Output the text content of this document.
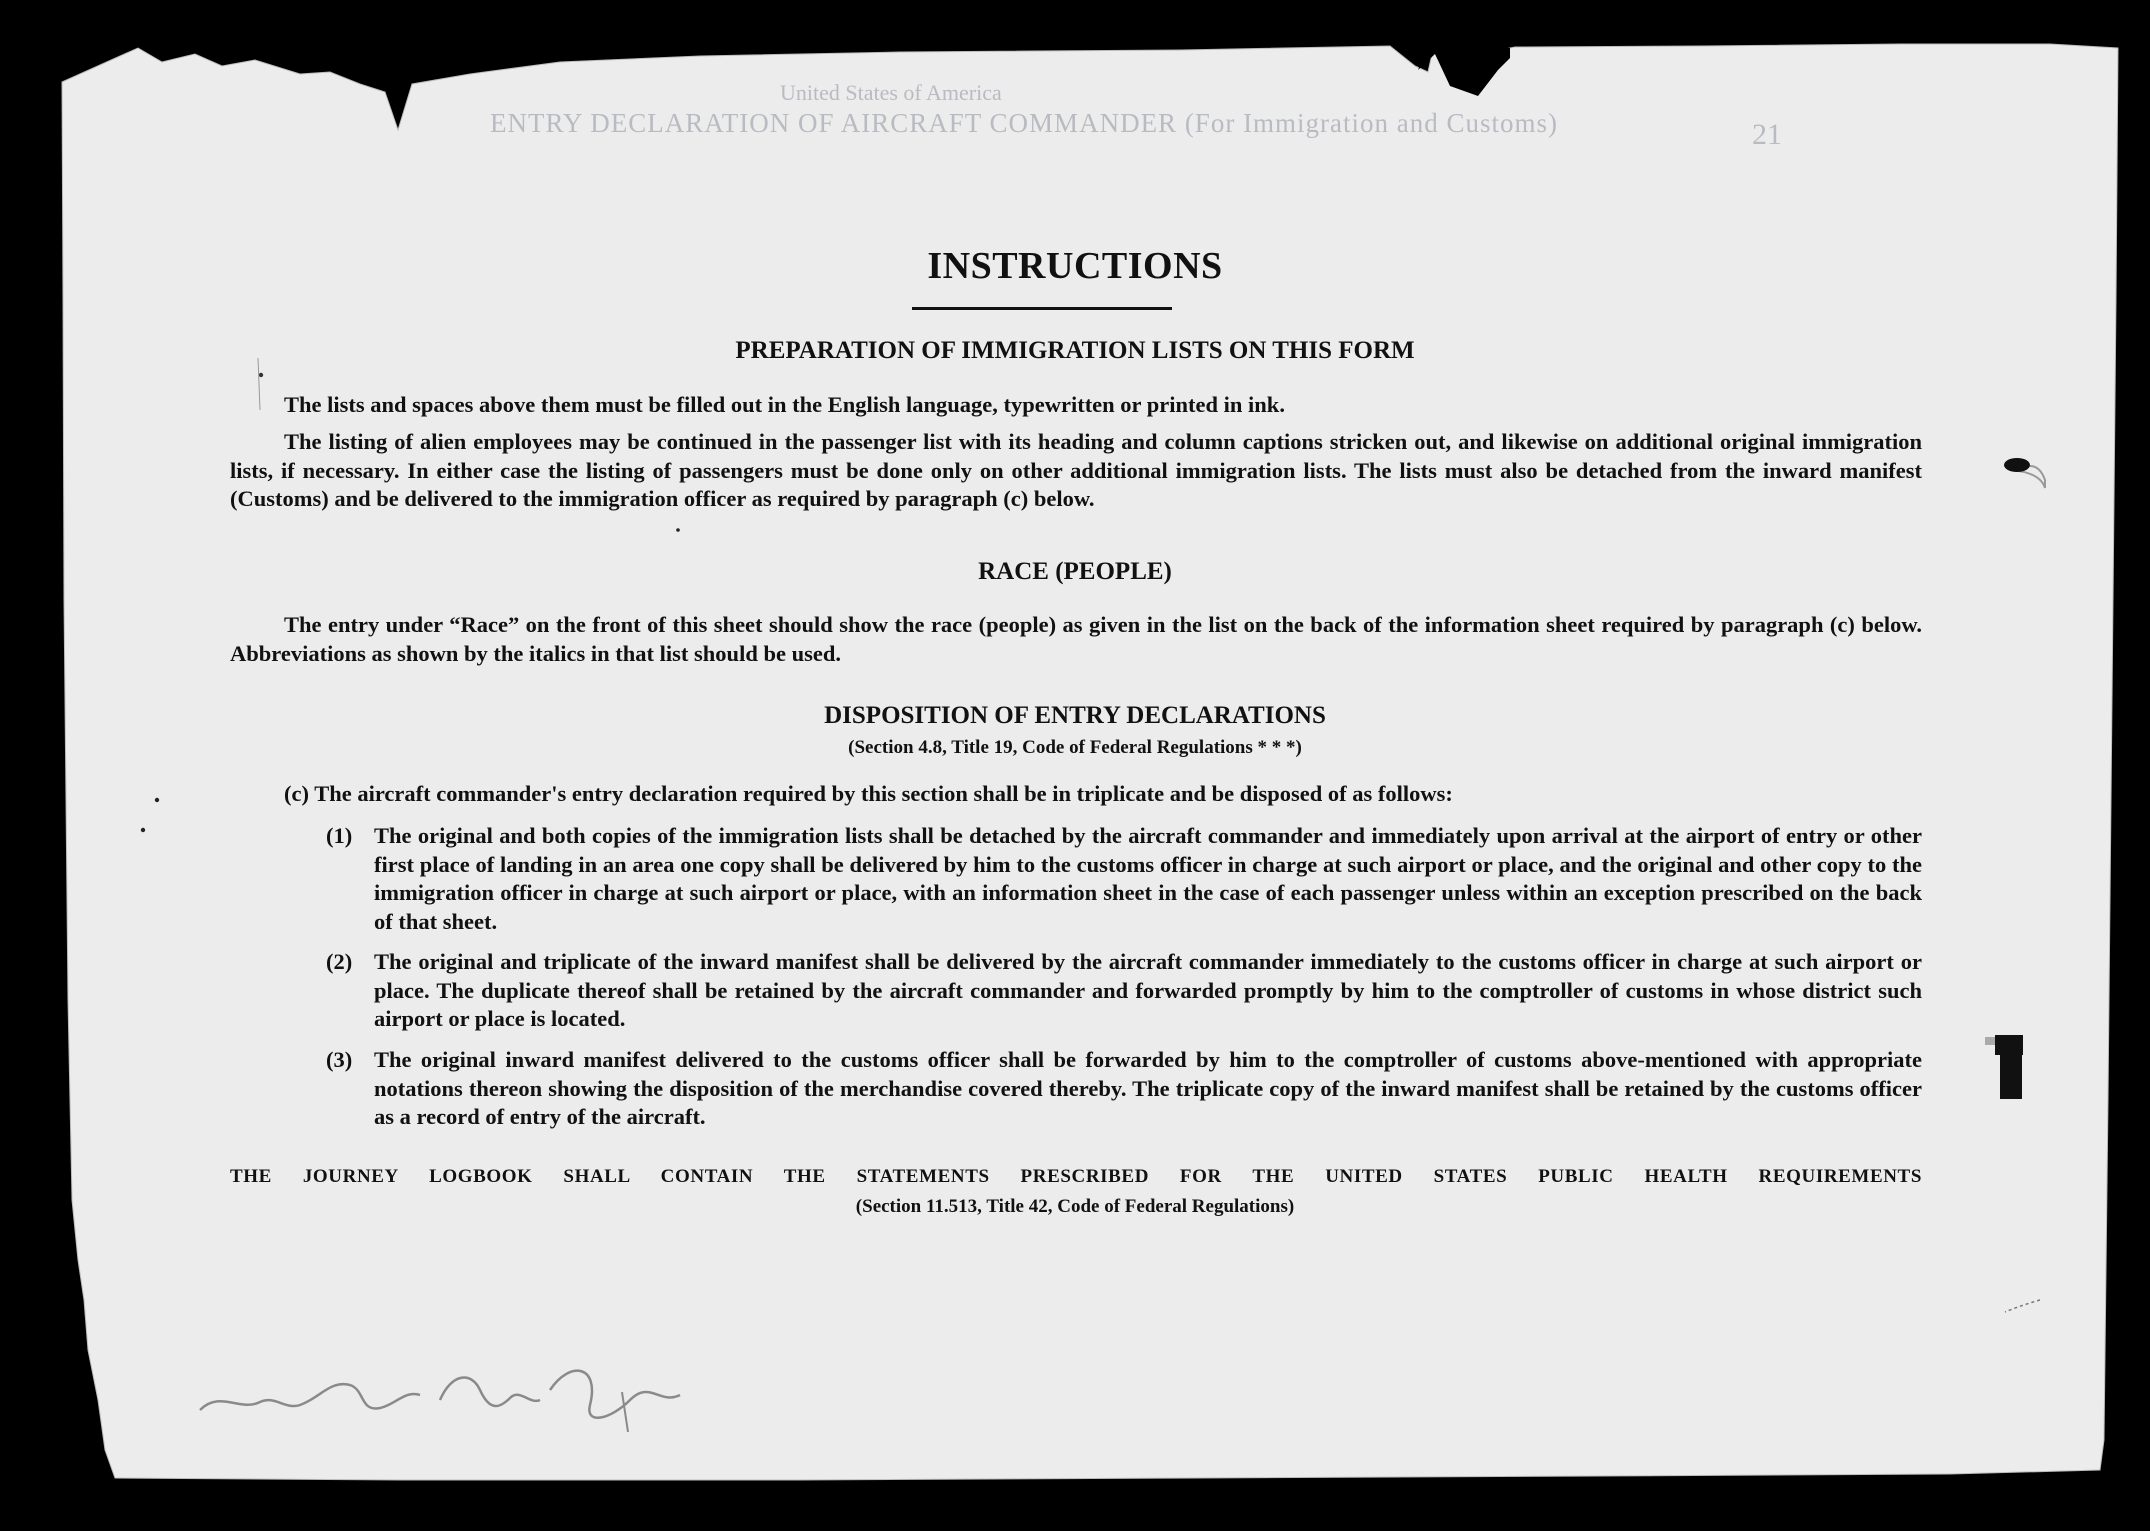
United States of America
ENTRY DECLARATION OF AIRCRAFT COMMANDER (For Immigration and Customs)	21
INSTRUCTIONS
PREPARATION OF IMMIGRATION LISTS ON THIS FORM
The lists and spaces above them must be filled out in the English language, typewritten or printed in ink.
The listing of alien employees may be continued in the passenger list with its heading and column captions stricken out, and likewise on additional original immigration lists, if necessary. In either case the listing of passengers must be done only on other additional immigration lists. The lists must also be detached from the inward manifest (Customs) and be delivered to the immigration officer as required by paragraph (c) below.
RACE (PEOPLE)
The entry under “Race” on the front of this sheet should show the race (people) as given in the list on the back of the information sheet required by paragraph (c) below. Abbreviations as shown by the italics in that list should be used.
DISPOSITION OF ENTRY DECLARATIONS
(Section 4.8, Title 19, Code of Federal Regulations * * *)
(c) The aircraft commander's entry declaration required by this section shall be in triplicate and be disposed of as follows:
(1) The original and both copies of the immigration lists shall be detached by the aircraft commander and immediately upon arrival at the airport of entry or other first place of landing in an area one copy shall be delivered by him to the customs officer in charge at such airport or place, and the original and other copy to the immigration officer in charge at such airport or place, with an information sheet in the case of each passenger unless within an exception prescribed on the back of that sheet.
(2) The original and triplicate of the inward manifest shall be delivered by the aircraft commander immediately to the customs officer in charge at such airport or place. The duplicate thereof shall be retained by the aircraft commander and forwarded promptly by him to the comptroller of customs in whose district such airport or place is located.
(3) The original inward manifest delivered to the customs officer shall be forwarded by him to the comptroller of customs above-mentioned with appropriate notations thereon showing the disposition of the merchandise covered thereby. The triplicate copy of the inward manifest shall be retained by the customs officer as a record of entry of the aircraft.
THE JOURNEY LOGBOOK SHALL CONTAIN THE STATEMENTS PRESCRIBED FOR THE UNITED STATES PUBLIC HEALTH REQUIREMENTS
(Section 11.513, Title 42, Code of Federal Regulations)
